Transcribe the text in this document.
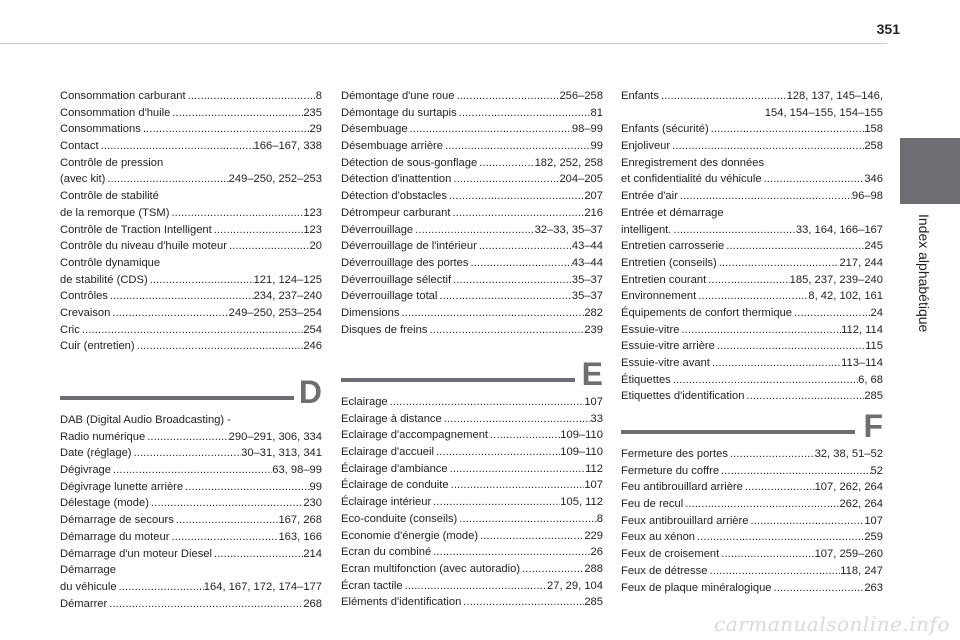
351
Index alphabétique
Consommation carburant . . .	8
Consommation d'huile . . .	235
Consommations . . .	29
Contact . . .	166–167, 338
Contrôle de pression
(avec kit) . . .	249–250, 252–253
Contrôle de stabilité
de la remorque (TSM) . . .	123
Contrôle de Traction Intelligent . . .	123
Contrôle du niveau d'huile moteur . . .	20
Contrôle dynamique
de stabilité (CDS) . . .	121, 124–125
Contrôles . . .	234, 237–240
Crevaison . . .	249–250, 253–254
Cric . . .	254
Cuir (entretien) . . .	246
D
DAB (Digital Audio Broadcasting) -
Radio numérique . . .	290–291, 306, 334
Date (réglage) . . .	30–31, 313, 341
Dégivrage . . .	63, 98–99
Dégivrage lunette arrière . . .	99
Délestage (mode) . . .	230
Démarrage de secours . . .	167, 268
Démarrage du moteur . . .	163, 166
Démarrage d'un moteur Diesel . . .	214
Démarrage
du véhicule . . .	164, 167, 172, 174–177
Démarrer . . .	268
Démontage d'une roue . . .	256–258
Démontage du surtapis . . .	81
Désembuage . . .	98–99
Désembuage arrière . . .	99
Détection de sous-gonflage . . .	182, 252, 258
Détection d'inattention . . .	204–205
Détection d'obstacles . . .	207
Détrompeur carburant . . .	216
Déverrouillage . . .	32–33, 35–37
Déverrouillage de l'intérieur . . .	43–44
Déverrouillage des portes . . .	43–44
Déverrouillage sélectif . . .	35–37
Déverrouillage total . . .	35–37
Dimensions . . .	282
Disques de freins . . .	239
E
Eclairage . . .	107
Eclairage à distance . . .	33
Eclairage d'accompagnement . . .	109–110
Eclairage d'accueil . . .	109–110
Éclairage d'ambiance . . .	112
Éclairage de conduite . . .	107
Éclairage intérieur . . .	105, 112
Eco-conduite (conseils) . . .	8
Economie d'énergie (mode) . . .	229
Ecran du combiné . . .	26
Ecran multifonction (avec autoradio) . . .	288
Écran tactile . . .	27, 29, 104
Eléments d'identification . . .	285
Enfants . . .	128, 137, 145–146,
154, 154–155, 154–155
Enfants (sécurité) . . .	158
Enjoliveur . . .	258
Enregistrement des données
et confidentialité du véhicule . . .	346
Entrée d'air . . .	96–98
Entrée et démarrage
intelligent. . . .	33, 164, 166–167
Entretien carrosserie . . .	245
Entretien (conseils) . . .	217, 244
Entretien courant . . .	185, 237, 239–240
Environnement . . .	8, 42, 102, 161
Équipements de confort thermique . . .	24
Essuie-vitre . . .	112, 114
Essuie-vitre arrière . . .	115
Essuie-vitre avant . . .	113–114
Étiquettes . . .	6, 68
Etiquettes d'identification . . .	285
F
Fermeture des portes . . .	32, 38, 51–52
Fermeture du coffre . . .	52
Feu antibrouillard arrière . . .	107, 262, 264
Feu de recul . . .	262, 264
Feux antibrouillard arrière . . .	107
Feux au xénon . . .	259
Feux de croisement . . .	107, 259–260
Feux de détresse . . .	118, 247
Feux de plaque minéralogique . . .	263
carmanualsonline.info
